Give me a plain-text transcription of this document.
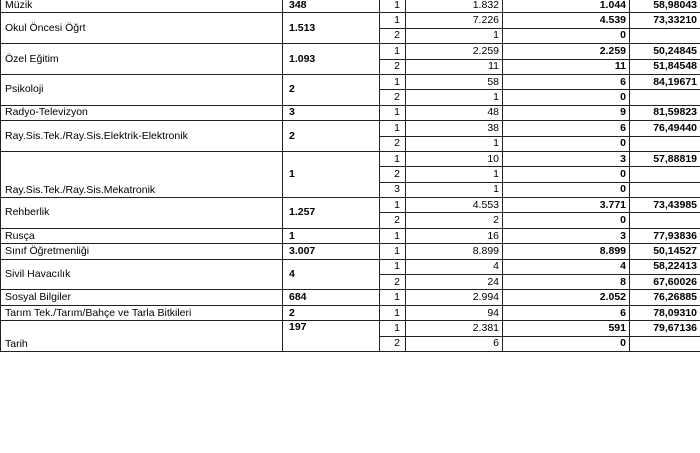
Müzik	348	1	1.832	1.044	58,98043
Okul Öncesi Öğrt	1.513	1	7.226	4.539	73,33210
		2	1	0	
Özel Eğitim	1.093	1	2.259	2.259	50,24845
		2	11	11	51,84548
Psikoloji	2	1	58	6	84,19671
		2	1	0	
Radyo-Televizyon	3	1	48	9	81,59823
Ray.Sis.Tek./Ray.Sis.Elektrik-Elektronik	2	1	38	6	76,49440
		2	1	0	
Ray.Sis.Tek./Ray.Sis.Mekatronik	1	1	10	3	57,88819
		2	1	0	
		3	1	0	
Rehberlik	1.257	1	4.553	3.771	73,43985
		2	2	0	
Rusça	1	1	16	3	77,93836
Sınıf Öğretmenliği	3.007	1	8.899	8.899	50,14527
Sivil Havacılık	4	1	4	4	58,22413
		2	24	8	67,60026
Sosyal Bilgiler	684	1	2.994	2.052	76,26885
Tarım Tek./Tarım/Bahçe ve Tarla Bitkileri	2	1	94	6	78,09310
Tarih	197	1	2.381	591	79,67136
		2	6	0	
